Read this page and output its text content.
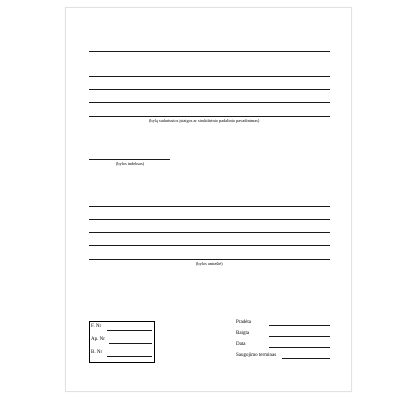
(bylą sudariusios įstaigos ar struktūrinio padalinio pavadinimas)
(bylos indeksas)
(bylos antraštė)
F. Nr
Ap. Nr
B. Nr
Pradėta
Baigta
Data
Saugojimo terminas
